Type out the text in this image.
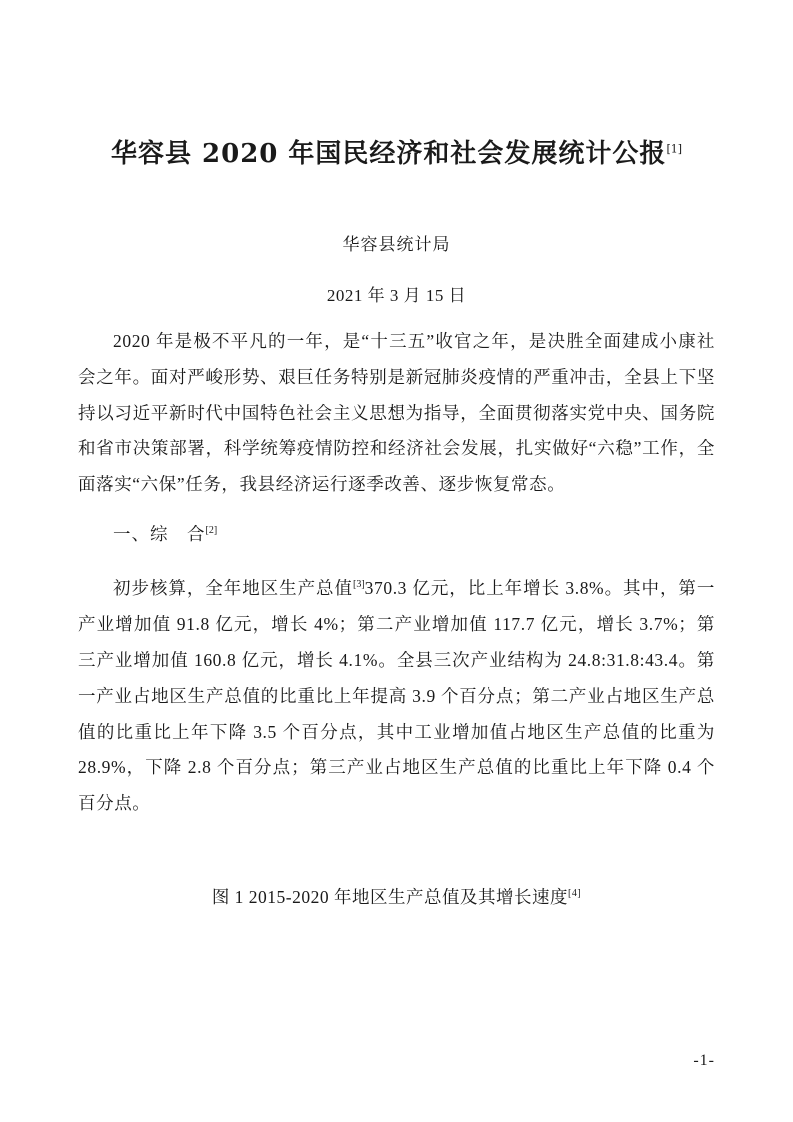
华容县 2020 年国民经济和社会发展统计公报[1]
华容县统计局
2021 年 3 月 15 日

2020 年是极不平凡的一年，是“十三五”收官之年，是决胜全面建成小康社会之年。面对严峻形势、艰巨任务特别是新冠肺炎疫情的严重冲击，全县上下坚持以习近平新时代中国特色社会主义思想为指导，全面贯彻落实党中央、国务院和省市决策部署，科学统筹疫情防控和经济社会发展，扎实做好“六稳”工作，全面落实“六保”任务，我县经济运行逐季改善、逐步恢复常态。

一、综　合[2]

初步核算，全年地区生产总值[3]370.3 亿元，比上年增长 3.8%。其中，第一产业增加值 91.8 亿元，增长 4%；第二产业增加值 117.7 亿元，增长 3.7%；第三产业增加值 160.8 亿元，增长 4.1%。全县三次产业结构为 24.8:31.8:43.4。第一产业占地区生产总值的比重比上年提高 3.9 个百分点；第二产业占地区生产总值的比重比上年下降 3.5 个百分点，其中工业增加值占地区生产总值的比重为 28.9%，下降 2.8 个百分点；第三产业占地区生产总值的比重比上年下降 0.4 个百分点。

图 1 2015-2020 年地区生产总值及其增长速度[4]
-1-
